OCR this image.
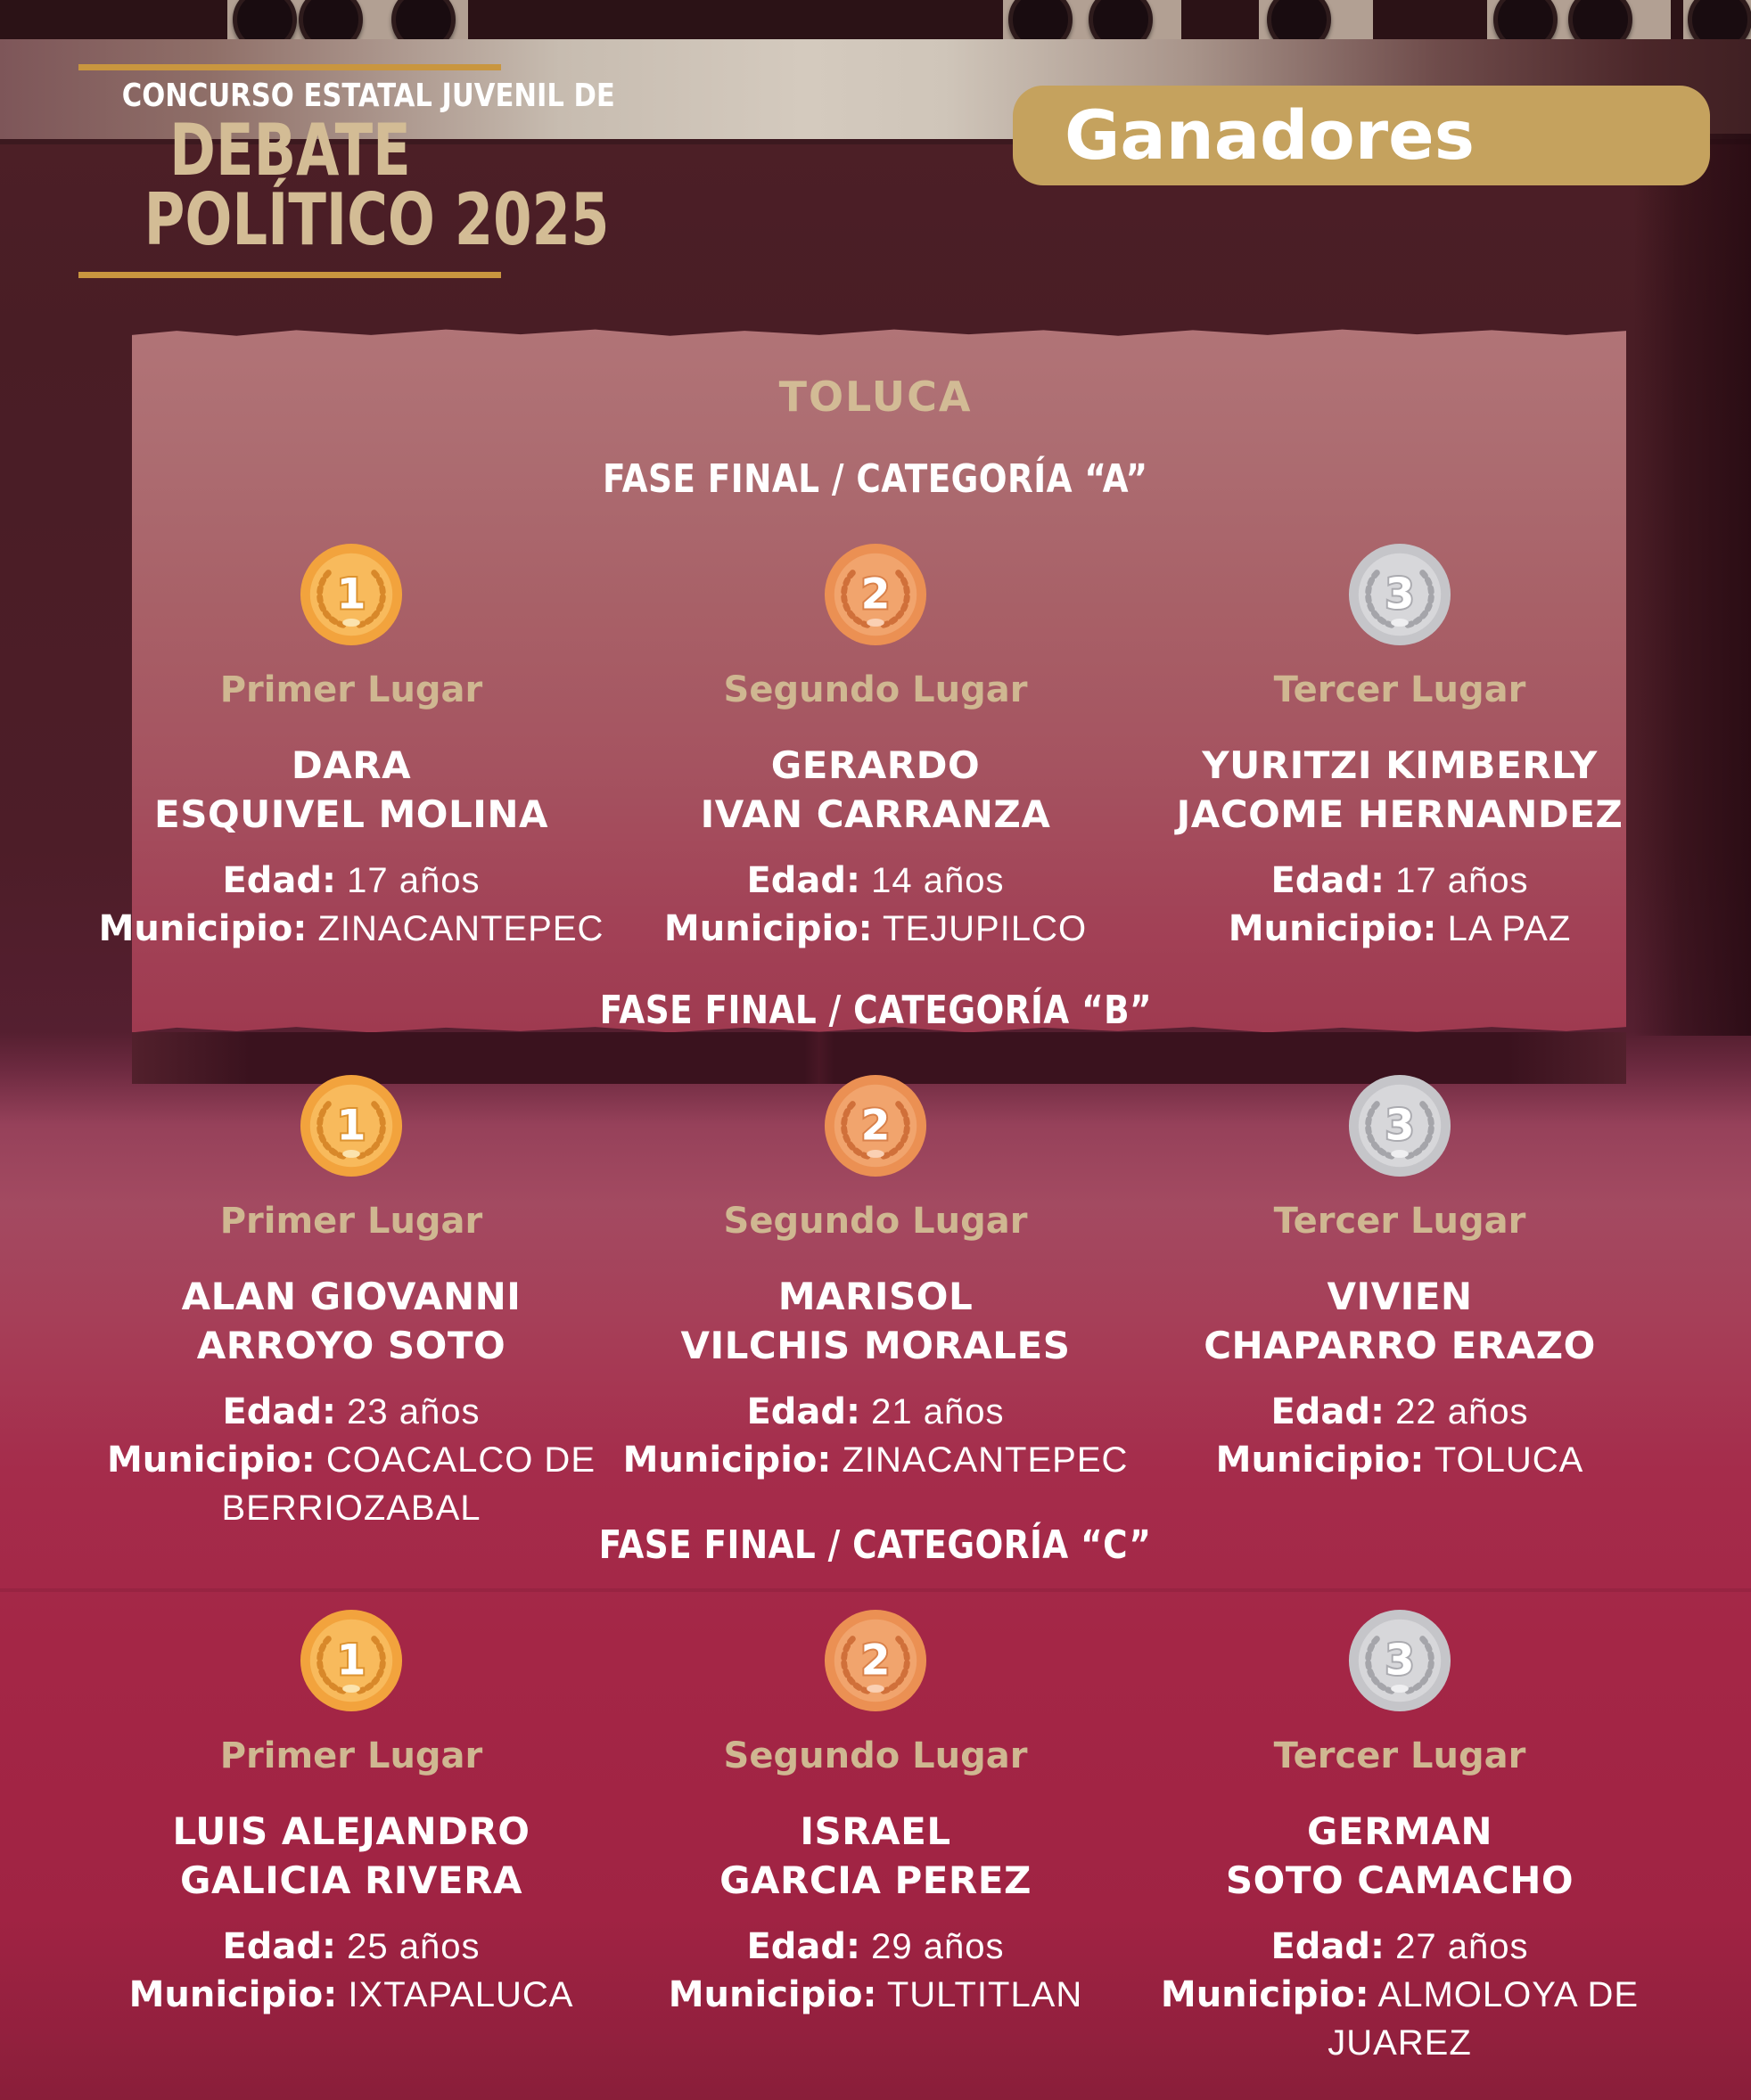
CONCURSO ESTATAL JUVENIL DE
DEBATE
POLÍTICO 2025
Ganadores
TOLUCA
FASE FINAL / CATEGORÍA “A”
1
Primer Lugar
DARA
ESQUIVEL MOLINA
Edad: 17 años
Municipio: ZINACANTEPEC
2
Segundo Lugar
GERARDO
IVAN CARRANZA
Edad: 14 años
Municipio: TEJUPILCO
3
Tercer Lugar
YURITZI KIMBERLY
JACOME HERNANDEZ
Edad: 17 años
Municipio: LA PAZ
FASE FINAL / CATEGORÍA “B”
1
Primer Lugar
ALAN GIOVANNI
ARROYO SOTO
Edad: 23 años
Municipio: COACALCO DE BERRIOZABAL
2
Segundo Lugar
MARISOL
VILCHIS MORALES
Edad: 21 años
Municipio: ZINACANTEPEC
3
Tercer Lugar
VIVIEN
CHAPARRO ERAZO
Edad: 22 años
Municipio: TOLUCA
FASE FINAL / CATEGORÍA “C”
1
Primer Lugar
LUIS ALEJANDRO
GALICIA RIVERA
Edad: 25 años
Municipio: IXTAPALUCA
2
Segundo Lugar
ISRAEL
GARCIA PEREZ
Edad: 29 años
Municipio: TULTITLAN
3
Tercer Lugar
GERMAN
SOTO CAMACHO
Edad: 27 años
Municipio: ALMOLOYA DE JUAREZ
